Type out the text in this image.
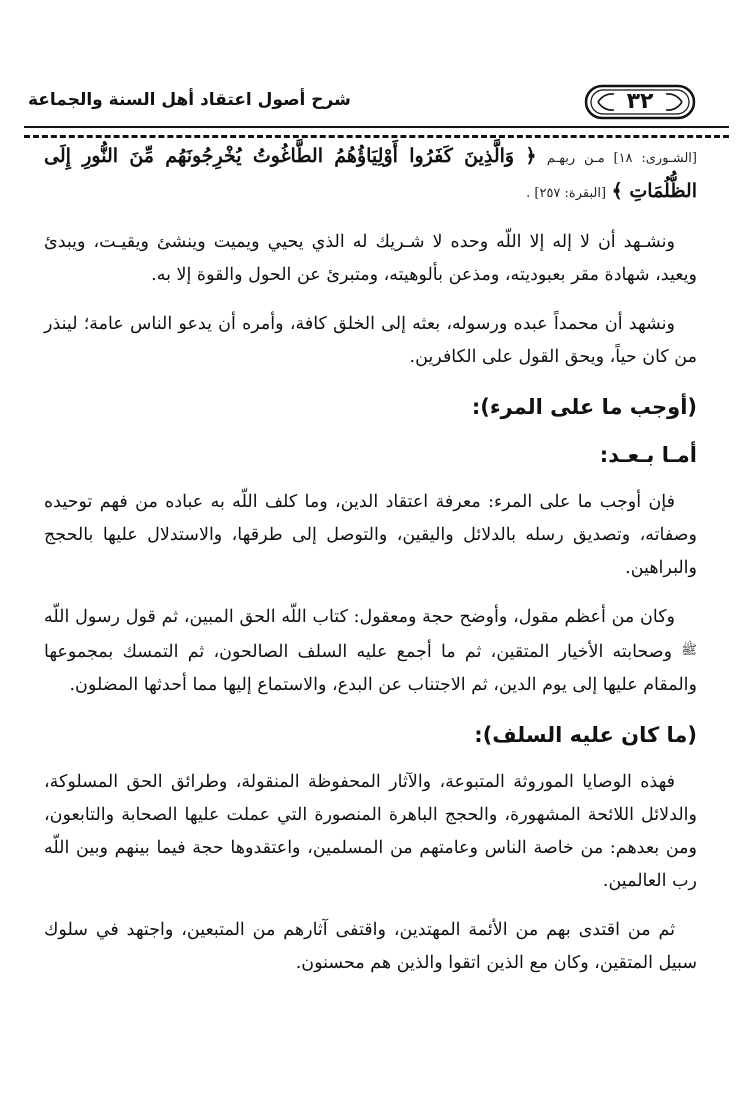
٣٢
شرح أصول اعتقاد أهل السنة والجماعة

[الشـورى: ١٨] مـن ربهـم ﴿ وَالَّذِينَ كَفَرُوا أَوْلِيَاؤُهُمُ الطَّاغُوتُ يُخْرِجُونَهُم مِّنَ النُّورِ إِلَى الظُّلُمَاتِ ﴾ [البقرة: ٢٥٧] .

ونشـهد أن لا إله إلا اللّه وحده لا شـريك له الذي يحيي ويميت وينشئ ويقيـت، ويبدئ ويعيد، شهادة مقر بعبوديته، ومذعن بألوهيته، ومتبرئ عن الحول والقوة إلا به.

ونشهد أن محمداً عبده ورسوله، بعثه إلى الخلق كافة، وأمره أن يدعو الناس عامة؛ لينذر من كان حياً، ويحق القول على الكافرين.

(أوجب ما على المرء):
أمـا بـعـد:

فإن أوجب ما على المرء: معرفة اعتقاد الدين، وما كلف اللّه به عباده من فهم توحيده وصفاته، وتصديق رسله بالدلائل واليقين، والتوصل إلى طرقها، والاستدلال عليها بالحجج والبراهين.

وكان من أعظم مقول، وأوضح حجة ومعقول: كتاب اللّه الحق المبين، ثم قول رسول اللّه ﷺ وصحابته الأخيار المتقين، ثم ما أجمع عليه السلف الصالحون، ثم التمسك بمجموعها والمقام عليها إلى يوم الدين، ثم الاجتناب عن البدع، والاستماع إليها مما أحدثها المضلون.

(ما كان عليه السلف):

فهذه الوصايا الموروثة المتبوعة، والآثار المحفوظة المنقولة، وطرائق الحق المسلوكة، والدلائل اللائحة المشهورة، والحجج الباهرة المنصورة التي عملت عليها الصحابة والتابعون، ومن بعدهم: من خاصة الناس وعامتهم من المسلمين، واعتقدوها حجة فيما بينهم وبين اللّه رب العالمين.

ثم من اقتدى بهم من الأئمة المهتدين، واقتفى آثارهم من المتبعين، واجتهد في سلوك سبيل المتقين، وكان مع الذين اتقوا والذين هم محسنون.
